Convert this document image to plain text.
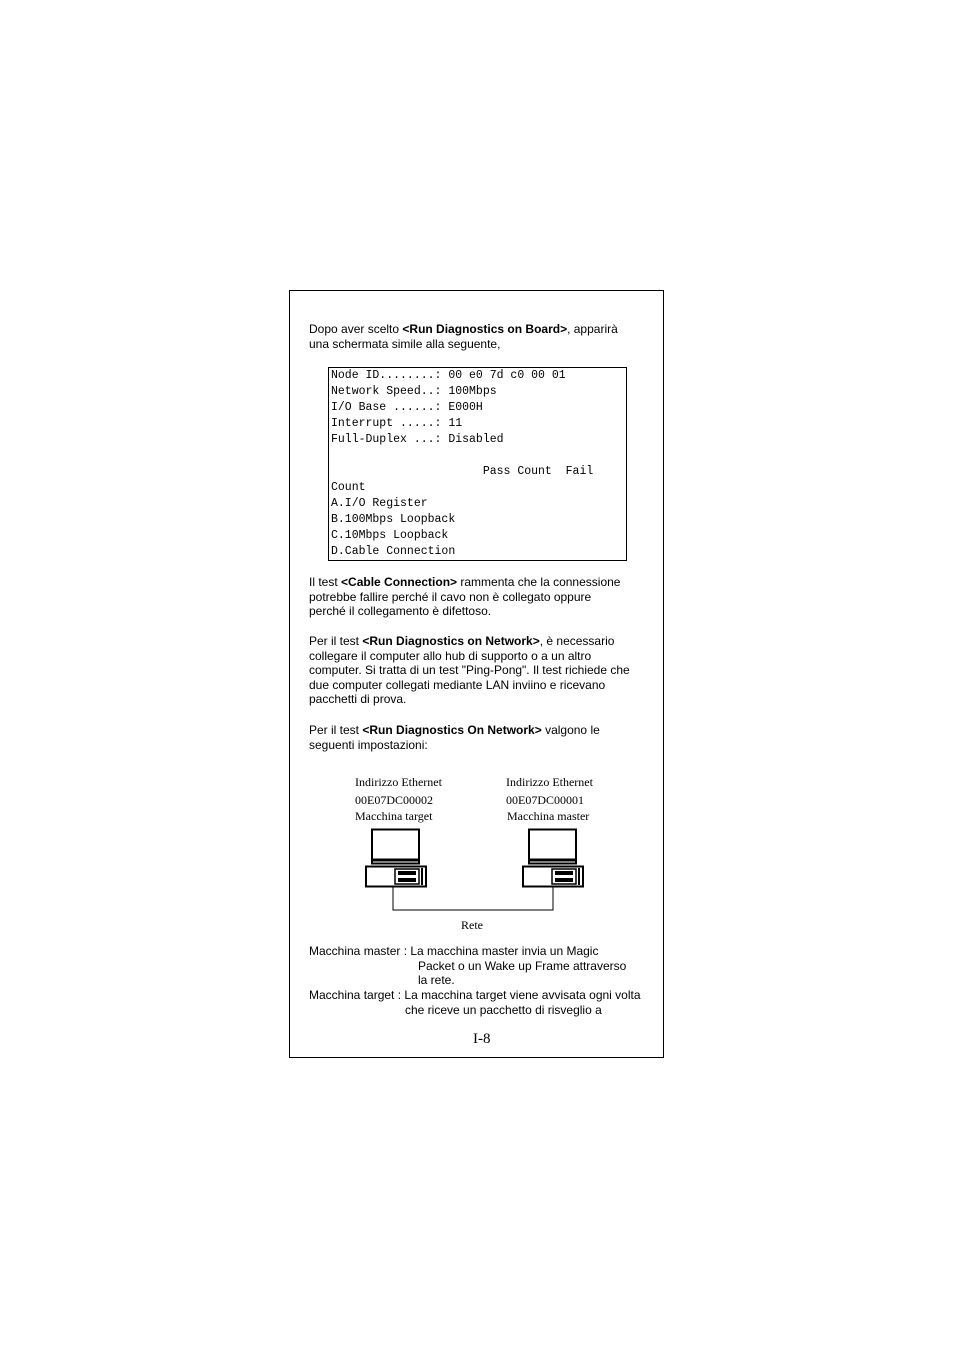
Dopo aver scelto <Run Diagnostics on Board>, apparirà
una schermata simile alla seguente,
Node ID........: 00 e0 7d c0 00 01
Network Speed..: 100Mbps
I/O Base ......: E000H
Interrupt .....: 11
Full-Duplex ...: Disabled
Pass Count  Fail
Count
A.I/O Register
B.100Mbps Loopback
C.10Mbps Loopback
D.Cable Connection
Il test <Cable Connection> rammenta che la connessione
potrebbe fallire perché il cavo non è collegato oppure
perché il collegamento è difettoso.
Per il test <Run Diagnostics on Network>, è necessario
collegare il computer allo hub di supporto o a un altro
computer. Si tratta di un test "Ping-Pong". Il test richiede che
due computer collegati mediante LAN inviino e ricevano
pacchetti di prova.
Per il test <Run Diagnostics On Network> valgono le
seguenti impostazioni:
Indirizzo Ethernet
00E07DC00002
Macchina target
Indirizzo Ethernet
00E07DC00001
Macchina master
Rete
Macchina master : La macchina master invia un Magic
Packet o un Wake up Frame attraverso
la rete.
Macchina target : La macchina target viene avvisata ogni volta
che riceve un pacchetto di risveglio a
I-8
